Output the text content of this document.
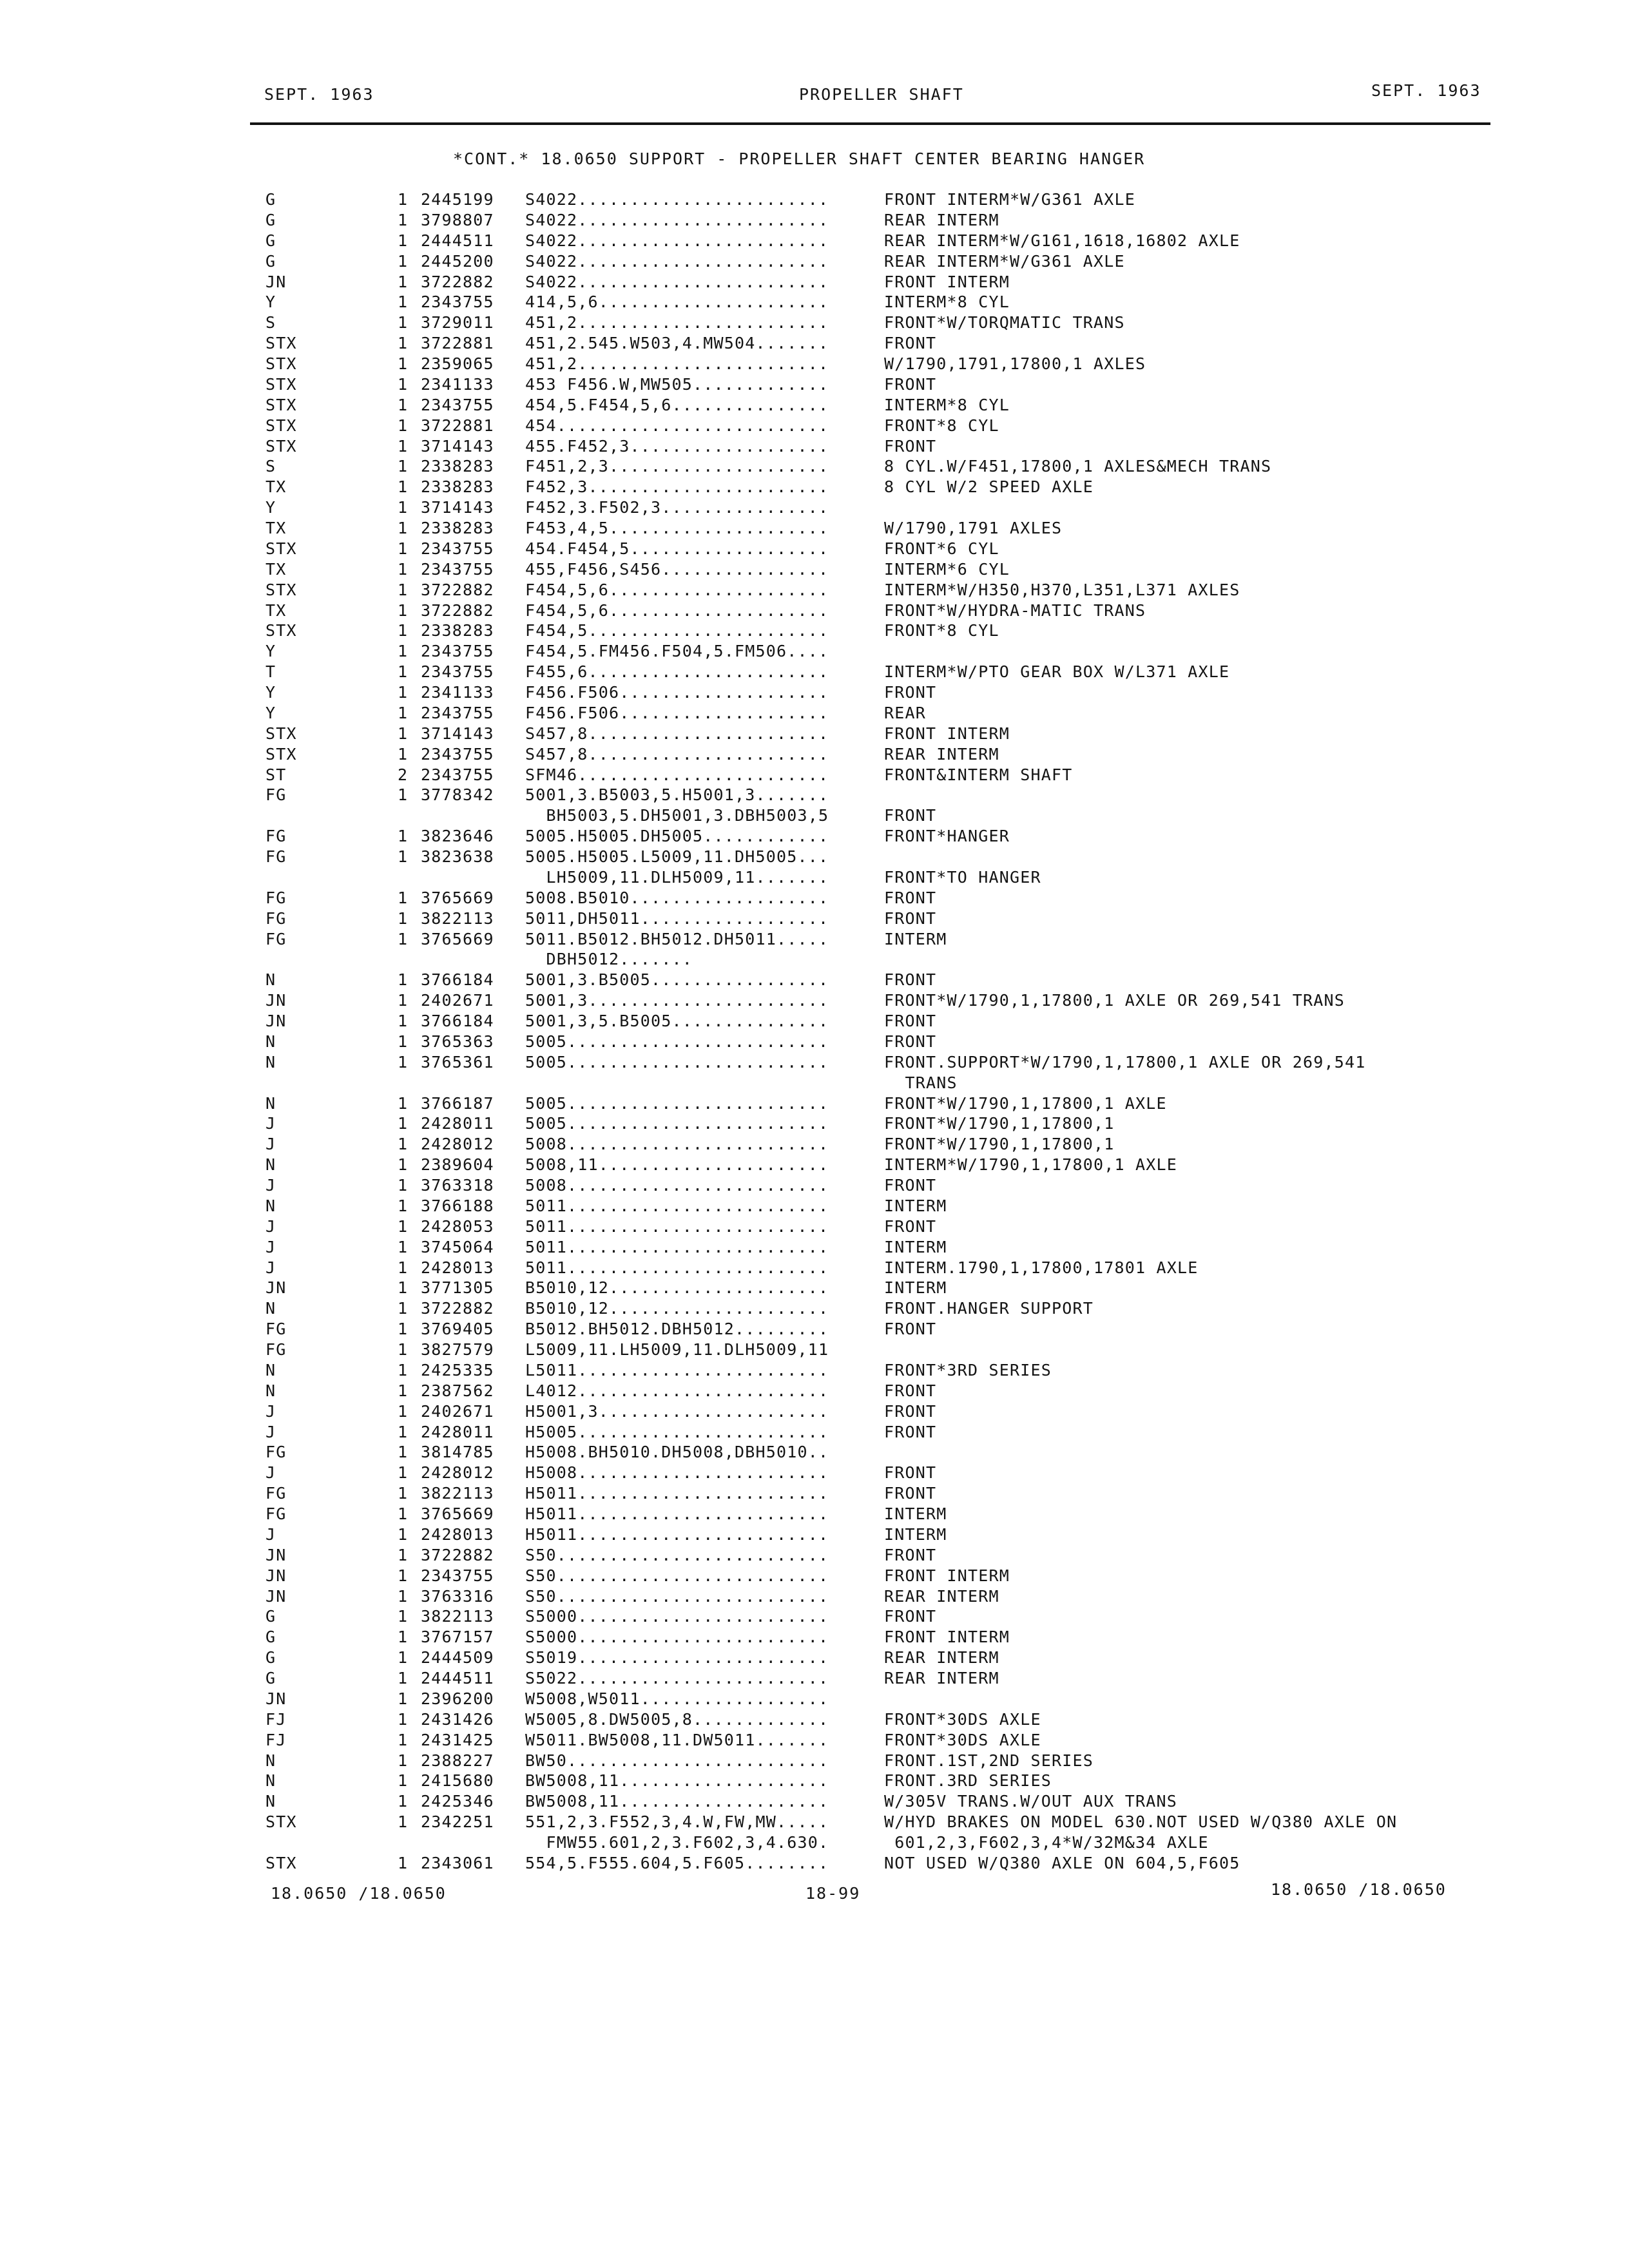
SEPT. 1963	PROPELLER SHAFT	SEPT. 1963
*CONT.* 18.0650 SUPPORT - PROPELLER SHAFT CENTER BEARING HANGER
G	1 2445199 S4022........................	FRONT INTERM*W/G361 AXLE
G	1 3798807 S4022........................	REAR INTERM
G	1 2444511 S4022........................	REAR INTERM*W/G161,1618,16802 AXLE
G	1 2445200 S4022........................	REAR INTERM*W/G361 AXLE
JN	1 3722882 S4022........................	FRONT INTERM
Y	1 2343755 414,5,6......................	INTERM*8 CYL
S	1 3729011 451,2........................	FRONT*W/TORQMATIC TRANS
STX	1 3722881 451,2.545.W503,4.MW504.......	FRONT
STX	1 2359065 451,2........................	W/1790,1791,17800,1 AXLES
STX	1 2341133 453 F456.W,MW505.............	FRONT
STX	1 2343755 454,5.F454,5,6...............	INTERM*8 CYL
STX	1 3722881 454..........................	FRONT*8 CYL
STX	1 3714143 455.F452,3...................	FRONT
S	1 2338283 F451,2,3.....................	8 CYL.W/F451,17800,1 AXLES&MECH TRANS
TX	1 2338283 F452,3.......................	8 CYL W/2 SPEED AXLE
Y	1 3714143 F452,3.F502,3................
TX	1 2338283 F453,4,5.....................	W/1790,1791 AXLES
STX	1 2343755 454.F454,5...................	FRONT*6 CYL
TX	1 2343755 455,F456,S456................	INTERM*6 CYL
STX	1 3722882 F454,5,6.....................	INTERM*W/H350,H370,L351,L371 AXLES
TX	1 3722882 F454,5,6.....................	FRONT*W/HYDRA-MATIC TRANS
STX	1 2338283 F454,5.......................	FRONT*8 CYL
Y	1 2343755 F454,5.FM456.F504,5.FM506....
T	1 2343755 F455,6.......................	INTERM*W/PTO GEAR BOX W/L371 AXLE
Y	1 2341133 F456.F506....................	FRONT
Y	1 2343755 F456.F506....................	REAR
STX	1 3714143 S457,8.......................	FRONT INTERM
STX	1 2343755 S457,8.......................	REAR INTERM
ST	2 2343755 SFM46........................	FRONT&INTERM SHAFT
FG	1 3778342 5001,3.B5003,5.H5001,3.......
BH5003,5.DH5001,3.DBH5003,5	FRONT
FG	1 3823646 5005.H5005.DH5005............	FRONT*HANGER
FG	1 3823638 5005.H5005.L5009,11.DH5005...
LH5009,11.DLH5009,11.......	FRONT*TO HANGER
FG	1 3765669 5008.B5010...................	FRONT
FG	1 3822113 5011,DH5011..................	FRONT
FG	1 3765669 5011.B5012.BH5012.DH5011.....	INTERM
DBH5012.......
N	1 3766184 5001,3.B5005.................	FRONT
JN	1 2402671 5001,3.......................	FRONT*W/1790,1,17800,1 AXLE OR 269,541 TRANS
JN	1 3766184 5001,3,5.B5005...............	FRONT
N	1 3765363 5005.........................	FRONT
N	1 3765361 5005.........................	FRONT.SUPPORT*W/1790,1,17800,1 AXLE OR 269,541
TRANS
N	1 3766187 5005.........................	FRONT*W/1790,1,17800,1 AXLE
J	1 2428011 5005.........................	FRONT*W/1790,1,17800,1
J	1 2428012 5008.........................	FRONT*W/1790,1,17800,1
N	1 2389604 5008,11......................	INTERM*W/1790,1,17800,1 AXLE
J	1 3763318 5008.........................	FRONT
N	1 3766188 5011.........................	INTERM
J	1 2428053 5011.........................	FRONT
J	1 3745064 5011.........................	INTERM
J	1 2428013 5011.........................	INTERM.1790,1,17800,17801 AXLE
JN	1 3771305 B5010,12.....................	INTERM
N	1 3722882 B5010,12.....................	FRONT.HANGER SUPPORT
FG	1 3769405 B5012.BH5012.DBH5012.........	FRONT
FG	1 3827579 L5009,11.LH5009,11.DLH5009,11
N	1 2425335 L5011........................	FRONT*3RD SERIES
N	1 2387562 L4012........................	FRONT
J	1 2402671 H5001,3......................	FRONT
J	1 2428011 H5005........................	FRONT
FG	1 3814785 H5008.BH5010.DH5008,DBH5010..
J	1 2428012 H5008........................	FRONT
FG	1 3822113 H5011........................	FRONT
FG	1 3765669 H5011........................	INTERM
J	1 2428013 H5011........................	INTERM
JN	1 3722882 S50..........................	FRONT
JN	1 2343755 S50..........................	FRONT INTERM
JN	1 3763316 S50..........................	REAR INTERM
G	1 3822113 S5000........................	FRONT
G	1 3767157 S5000........................	FRONT INTERM
G	1 2444509 S5019........................	REAR INTERM
G	1 2444511 S5022........................	REAR INTERM
JN	1 2396200 W5008,W5011..................
FJ	1 2431426 W5005,8.DW5005,8.............	FRONT*30DS AXLE
FJ	1 2431425 W5011.BW5008,11.DW5011.......	FRONT*30DS AXLE
N	1 2388227 BW50.........................	FRONT.1ST,2ND SERIES
N	1 2415680 BW5008,11....................	FRONT.3RD SERIES
N	1 2425346 BW5008,11....................	W/305V TRANS.W/OUT AUX TRANS
STX	1 2342251 551,2,3.F552,3,4.W,FW,MW.....	W/HYD BRAKES ON MODEL 630.NOT USED W/Q380 AXLE ON
FMW55.601,2,3.F602,3,4.630.	601,2,3,F602,3,4*W/32M&34 AXLE
STX	1 2343061 554,5.F555.604,5.F605........	NOT USED W/Q380 AXLE ON 604,5,F605
18.0650 /18.0650	18-99	18.0650 /18.0650
